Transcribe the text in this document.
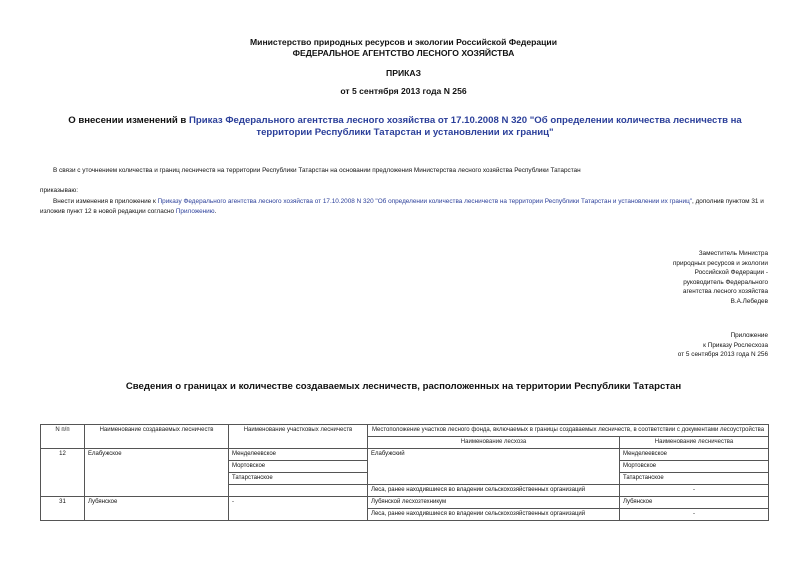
Министерство природных ресурсов и экологии Российской Федерации
ФЕДЕРАЛЬНОЕ АГЕНТСТВО ЛЕСНОГО ХОЗЯЙСТВА
ПРИКАЗ
от 5 сентября 2013 года N 256
О внесении изменений в Приказ Федерального агентства лесного хозяйства от 17.10.2008 N 320 "Об определении количества лесничеств на территории Республики Татарстан и установлении их границ"
В связи с уточнением количества и границ лесничеств на территории Республики Татарстан на основании предложения Министерства лесного хозяйства Республики Татарстан
приказываю:
Внести изменения в приложение к Приказу Федерального агентства лесного хозяйства от 17.10.2008 N 320 "Об определении количества лесничеств на территории Республики Татарстан и установлении их границ", дополнив пунктом 31 и изложив пункт 12 в новой редакции согласно Приложению.
Заместитель Министра
природных ресурсов и экологии
Российской Федерации -
руководитель Федерального
агентства лесного хозяйства
В.А.Лебедев
Приложение
к Приказу Рослесхоза
от 5 сентября 2013 года N 256
Сведения о границах и количестве создаваемых лесничеств, расположенных на территории Республики Татарстан
N п/п	Наименование создаваемых лесничеств	Наименование участковых лесничеств	Местоположение участков лесного фонда, включаемых в границы создаваемых лесничеств, в соответствии с документами лесоустройства	
			Наименование лесхоза	Наименование лесничества
12	Елабужское	Менделеевское	Елабужский	Менделеевское
		Мортовское		Мортовское
		Татарстанское		Татарстанское
			Леса, ранее находившиеся во владении сельскохозяйственных организаций	-
31	Лубянское	-	Лубянской лесхозтехникум	Лубянское
			Леса, ранее находившиеся во владении сельскохозяйственных организаций	-
